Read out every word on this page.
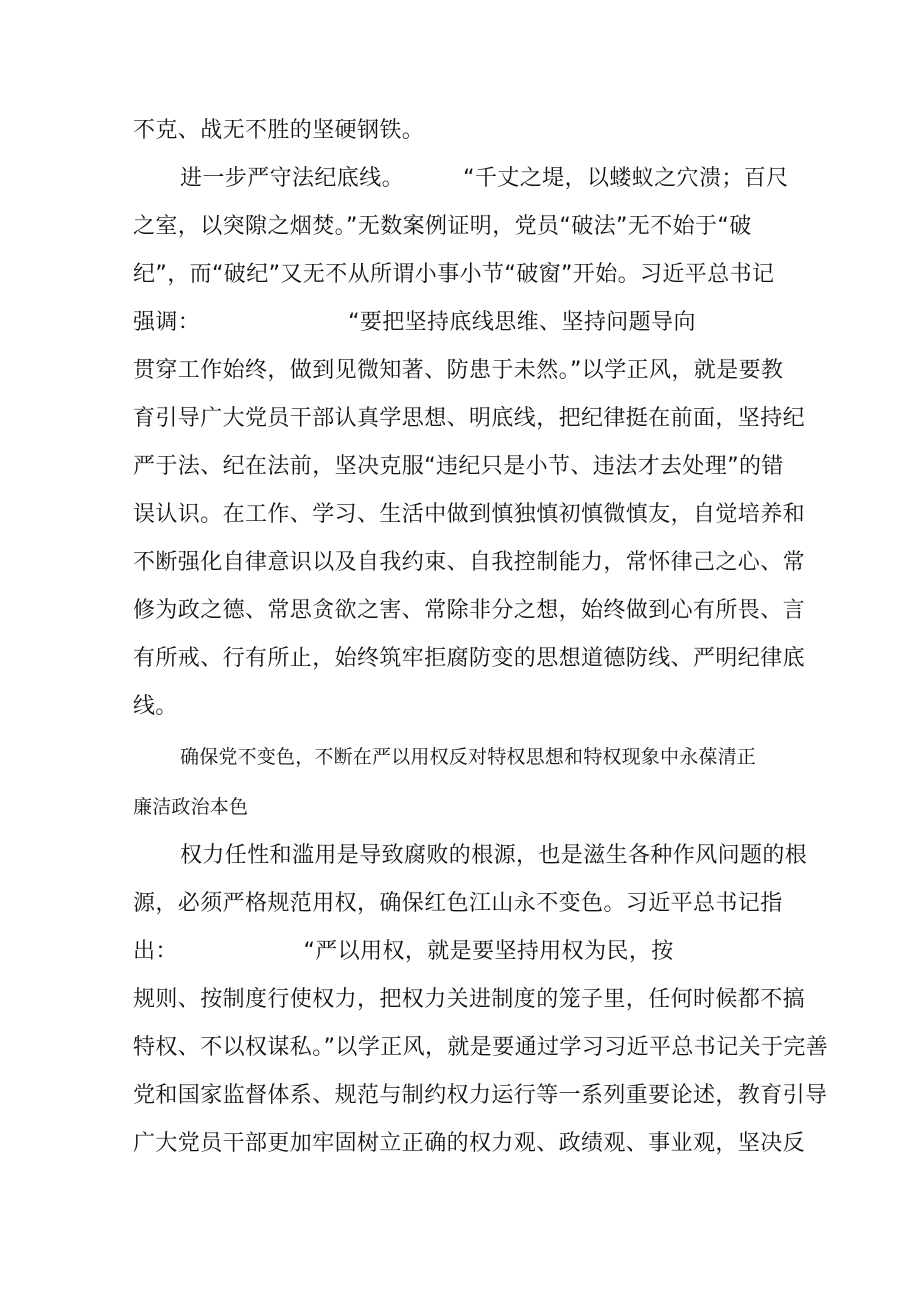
不克、战无不胜的坚硬钢铁。
进一步严守法纪底线。        “千丈之堤，以蝼蚁之穴溃；百尺
之室，以突隙之烟焚。”无数案例证明，党员“破法”无不始于“破
纪”，而“破纪”又无不从所谓小事小节“破窗”开始。习近平总书记
强调：                    “要把坚持底线思维、坚持问题导向
贯穿工作始终，做到见微知著、防患于未然。”以学正风，就是要教
育引导广大党员干部认真学思想、明底线，把纪律挺在前面，坚持纪
严于法、纪在法前，坚决克服“违纪只是小节、违法才去处理”的错
误认识。在工作、学习、生活中做到慎独慎初慎微慎友，自觉培养和
不断强化自律意识以及自我约束、自我控制能力，常怀律己之心、常
修为政之德、常思贪欲之害、常除非分之想，始终做到心有所畏、言
有所戒、行有所止，始终筑牢拒腐防变的思想道德防线、严明纪律底
线。
确保党不变色，不断在严以用权反对特权思想和特权现象中永葆清正
廉洁政治本色
权力任性和滥用是导致腐败的根源，也是滋生各种作风问题的根
源，必须严格规范用权，确保红色江山永不变色。习近平总书记指
出：                 “严以用权，就是要坚持用权为民，按
规则、按制度行使权力，把权力关进制度的笼子里，任何时候都不搞
特权、不以权谋私。”以学正风，就是要通过学习习近平总书记关于完善
党和国家监督体系、规范与制约权力运行等一系列重要论述，教育引导
广大党员干部更加牢固树立正确的权力观、政绩观、事业观，坚决反
